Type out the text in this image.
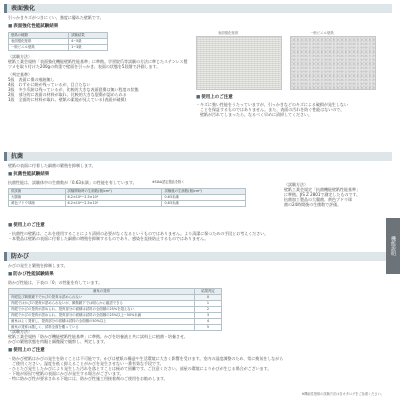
表面強化
引っかきキズがつきにくい、強度に優れた壁紙です。
■ 表面強化性能試験結果
壁紙の種類	試験結果
表面強化壁紙	4~5級
一般ビニル壁紙	1~3級
〈試験方法〉
壁紙工業会規格「表面強化機能壁紙性能基準」に準拠。学習院爪等試験の方法に準じたステンレス製
ツメを取り付けた200gの荷重で壁面を引っかき、表面の状態を5段階で評価します。
〈判定基準〉
5級　表面に傷の痕跡無し
4級　わずかに跡が残っているが、目立たない
3級　多少爪跡は残っているが、比較的大きな表面裂傷は無い程度の状態
2級　部分的に表面の材料が取れ、比較的大きな裂傷が認められる
1級　全面的に材料が取れ、壁紙の素地が見えている(表面が破損)
表面強化壁紙	一般ビニル壁紙
■ 使用上のご注意
・キズに強い性能をうたっていますが、引っかきなどのキズによる破損が発生しない
　ことを保証するものではありません。また、表面の汚れを防ぐ性能はないので、
　壁紙が汚れてしまったら、なるべく早めに清掃してください。
抗菌
壁紙の表面に付着した細菌の繁殖を抑制します。
■ 抗菌性能試験結果
抗菌性能は、試験体中の生菌数が「0.63未満」の性能を有しています。	※SIAA認定製品を除く
供試菌	試験開始時の生菌数(個/cm²)	試験後の生菌数(個/cm²)
大腸菌	6.2×10⁴~2.5×10⁵	0.63未満
黄色ブドウ球菌	6.2×10⁴~2.5×10⁵	0.63未満
〈試験方法〉
壁紙工業会規定「抗菌機能壁紙性能基準」
に準拠。JIS Z 2801で測定したものです。
抗菌加工製品の大腸菌、黄色ブドウ球
菌の24時間後の生菌数で評価。
■ 使用上のご注意
・抗菌性の壁紙は、これを使用することにより清掃の必要がなくなるというものではありません。より清潔に保つための手段とお考えください。
・本製品は壁紙の表面に付着した細菌の増殖を抑制するものであり、感染を直接防止するものではありません。
防かび
かびの発生と繁殖を抑制します。
■ 防かび性能試験結果
防かび性能は、下表の「0」の性能を有しています。
菌糸の発育	結果判定
肉眼及び顕微鏡下でかびの発育は認められない	0
肉眼ではかびの発育が認められないが、顕微鏡下では明らかに確認できる	1
肉眼でかびの発育が認められ、発育部分の面積は試料の全面積の25%を超えない	2
肉眼でかびの発育が認められ、発育部分の面積は試料の全面積の25%以上~50%未満	3
菌糸はよく発育し、発育部分の面積は試料の全面積の50%以上	4
菌糸の発育は激しく、試料全面を覆っている	5
〈試験方法〉
壁紙工業会規格「防かび機能壁紙性能基準」に準拠。かびを培養液と共に試料上に植菌・培養させ、
かびの繁殖状態を肉眼と顕微鏡で観察し、判定します。
■ 使用上のご注意
・防かび壁紙はかびの発生を防ぐことは不可能です。かびは壁紙の構造や生活環境に大きく影響を受けます。室内の湿度調整のため、常に換気をしながら
　ご使用ください。湿度を低く抑えることがかびを発生させない一番有効な手段です。
・ひとたび発生したかびにより発生した汚れを落とすことは極めて困難です。ご注意ください。部屋の環境によりかびが生じる場合がございます。
・下地が原因で壁紙の表面にかびが発生する場合がございます。
・特に防かび性が要求される下地には、防かび性施工用接着剤のご使用をお勧めします。
※機能性壁紙の試験方法は各カタログをご参照ください。
機能説明
